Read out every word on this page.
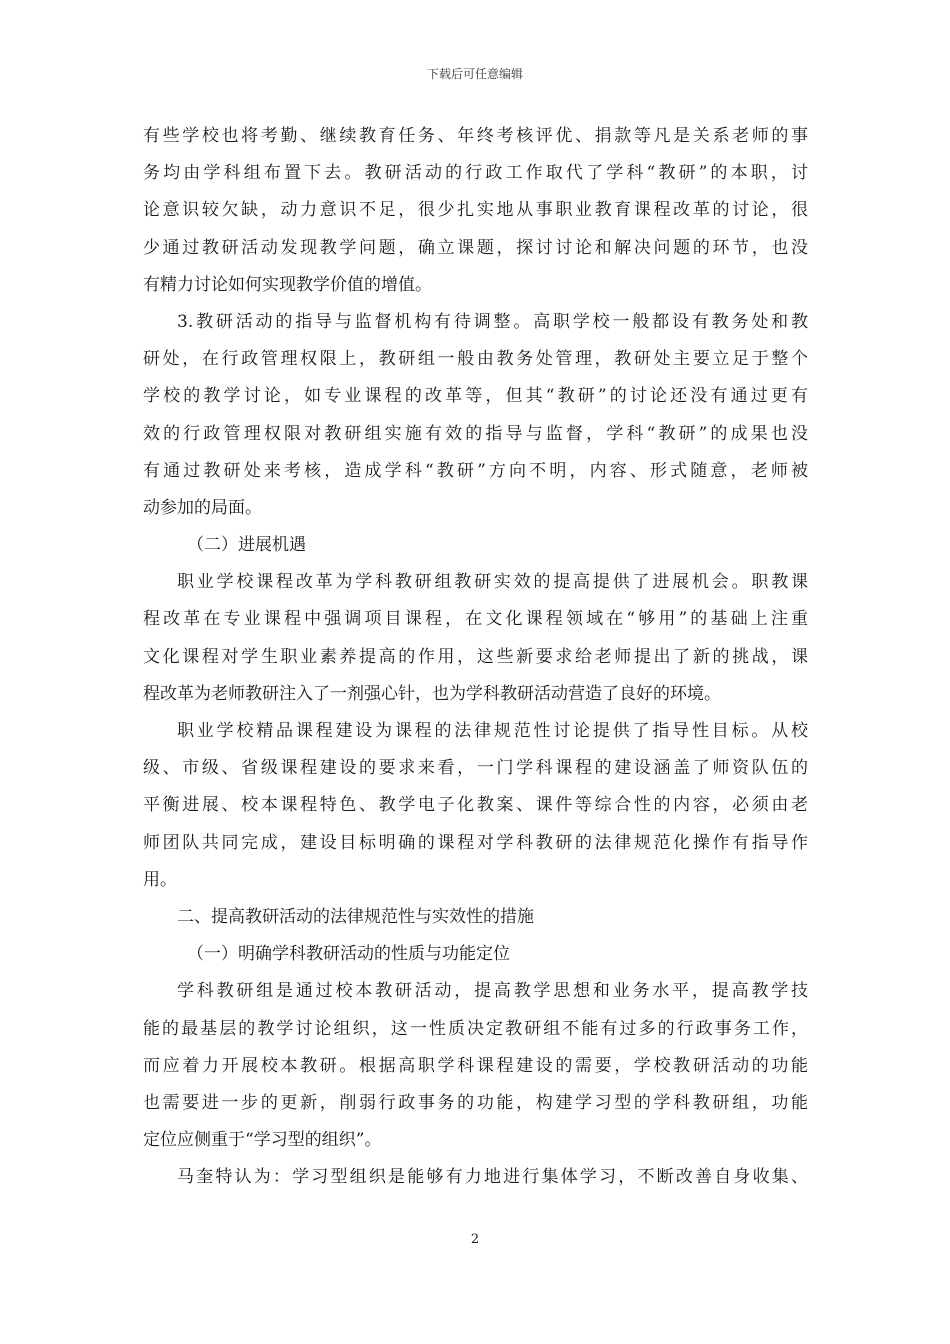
下载后可任意编辑
有些学校也将考勤、继续教育任务、年终考核评优、捐款等凡是关系老师的事
务均由学科组布置下去。教研活动的行政工作取代了学科“教研”的本职，讨
论意识较欠缺，动力意识不足，很少扎实地从事职业教育课程改革的讨论，很
少通过教研活动发现教学问题，确立课题，探讨讨论和解决问题的环节，也没
有精力讨论如何实现教学价值的增值。
3.教研活动的指导与监督机构有待调整。高职学校一般都设有教务处和教
研处，在行政管理权限上，教研组一般由教务处管理，教研处主要立足于整个
学校的教学讨论，如专业课程的改革等，但其“教研”的讨论还没有通过更有
效的行政管理权限对教研组实施有效的指导与监督，学科“教研”的成果也没
有通过教研处来考核，造成学科“教研”方向不明，内容、形式随意，老师被
动参加的局面。
（二）进展机遇
职业学校课程改革为学科教研组教研实效的提高提供了进展机会。职教课
程改革在专业课程中强调项目课程，在文化课程领域在“够用”的基础上注重
文化课程对学生职业素养提高的作用，这些新要求给老师提出了新的挑战，课
程改革为老师教研注入了一剂强心针，也为学科教研活动营造了良好的环境。
职业学校精品课程建设为课程的法律规范性讨论提供了指导性目标。从校
级、市级、省级课程建设的要求来看，一门学科课程的建设涵盖了师资队伍的
平衡进展、校本课程特色、教学电子化教案、课件等综合性的内容，必须由老
师团队共同完成，建设目标明确的课程对学科教研的法律规范化操作有指导作
用。
二、提高教研活动的法律规范性与实效性的措施
（一）明确学科教研活动的性质与功能定位
学科教研组是通过校本教研活动，提高教学思想和业务水平，提高教学技
能的最基层的教学讨论组织，这一性质决定教研组不能有过多的行政事务工作，
而应着力开展校本教研。根据高职学科课程建设的需要，学校教研活动的功能
也需要进一步的更新，削弱行政事务的功能，构建学习型的学科教研组，功能
定位应侧重于“学习型的组织”。
马奎特认为：学习型组织是能够有力地进行集体学习，不断改善自身收集、
2
